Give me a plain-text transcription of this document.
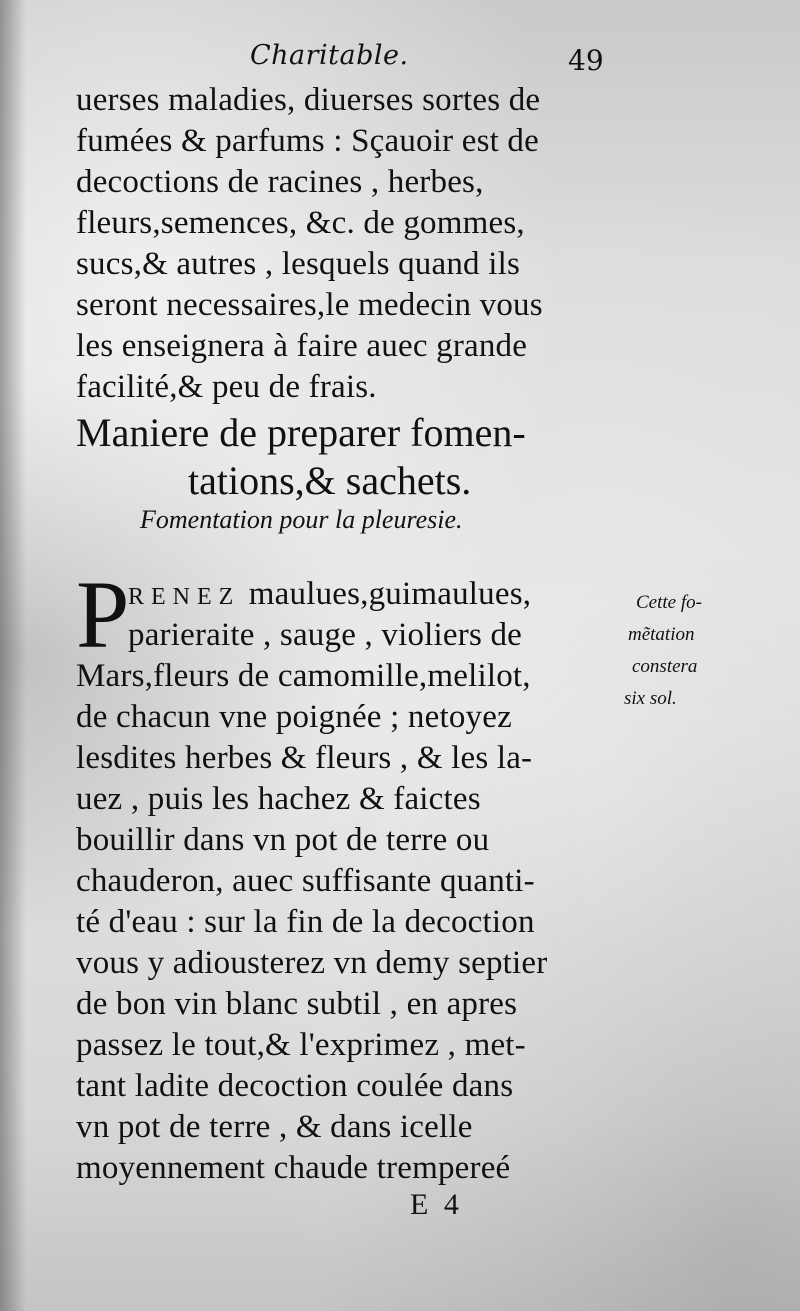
Charitable.	49
uerses maladies, diuerses sortes de
fumées & parfums : Sçauoir est de
decoctions de racines , herbes,
fleurs,semences, &c. de gommes,
sucs,& autres , lesquels quand ils
seront necessaires,le medecin vous
les enseignera à faire auec grande
facilité,& peu de frais.
Maniere de preparer fomen-
tations,& sachets.
Fomentation pour la pleuresie.
P
RENEZ maulues,guimaulues,
parieraite , sauge , violiers de
Mars,fleurs de camomille,melilot,
de chacun vne poignée ; netoyez
lesdites herbes & fleurs , & les la-
uez , puis les hachez & faictes
bouillir dans vn pot de terre ou
chauderon, auec suffisante quanti-
té d'eau : sur la fin de la decoction
vous y adiousterez vn demy septier
de bon vin blanc subtil , en apres
passez le tout,& l'exprimez , met-
tant ladite decoction coulée dans
vn pot de terre , & dans icelle
moyennement chaude trempereé
Cette fo-
mẽtation
constera
six sol.
E 4
